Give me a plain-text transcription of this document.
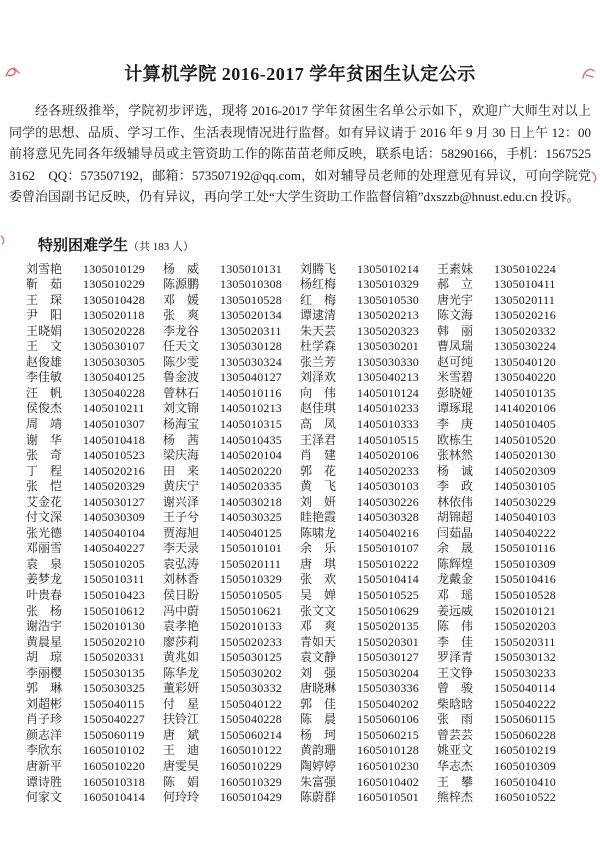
计算机学院 2016-2017 学年贫困生认定公示

经各班级推举，学院初步评选，现将 2016-2017 学年贫困生名单公示如下，欢迎广大师生对以上同学的思想、品质、学习工作、生活表现情况进行监督。如有异议请于 2016 年 9 月 30 日上午 12：00 前将意见先同各年级辅导员或主管资助工作的陈苗苗老师反映，联系电话：58290166，手机：15675253162　QQ：573507192，邮箱：573507192@qq.com，如对辅导员老师的处理意见有异议，可向学院党委曾治国副书记反映，仍有异议，再向学工处“大学生资助工作监督信箱”dxszzb@hnust.edu.cn 投诉。

特别困难学生（共 183 人）
刘雪艳	1305010129	杨　威	1305010131	刘腾飞	1305010214	王素妹	1305010224
靳　茹	1305010229	陈源鹏	1305010308	杨红梅	1305010329	郝　立	1305010411
王　琛	1305010428	邓　媛	1305010528	红　梅	1305010530	唐光宇	1305020111
尹　阳	1305020118	张　爽	1305020134	谭逮清	1305020213	陈文海	1305020216
王晓娟	1305020228	李龙谷	1305020311	朱天芸	1305020323	韩　丽	1305020332
王　文	1305030107	任天文	1305030128	杜学森	1305030201	曹凤瑞	1305030224
赵俊雄	1305030305	陈少雯	1305030324	张兰芳	1305030330	赵可纯	1305040120
李佳敏	1305040125	鲁金波	1305040127	刘泽欢	1305040213	米雪碧	1305040220
汪　帆	1305040228	曾林石	1405010116	向　伟	1405010124	彭晓娅	1405010135
侯俊杰	1405010211	刘文锦	1405010213	赵佳琪	1405010233	谭琢琨	1414020106
周　靖	1405010307	杨海宝	1405010315	高　凤	1405010333	李　庚	1405010405
谢　华	1405010418	杨　茜	1405010435	王泽君	1405010515	欧栋生	1405010520
张　奇	1405010523	梁庆海	1405020104	肖　建	1405020106	张林然	1405020130
丁　程	1405020216	田　来	1405020220	郭　花	1405020233	杨　诚	1405020309
张　恺	1405020329	黄庆宁	1405020335	黄　飞	1405030103	李　政	1405030105
艾金花	1405030127	谢兴泽	1405030218	刘　妍	1405030226	林依伟	1405030229
付文深	1405030309	王子兮	1405030325	眭艳霞	1405030328	胡锦超	1405040103
张光德	1405040104	贾海旭	1405040125	陈啸龙	1405040216	闫茹晶	1405040222
邓丽雪	1405040227	李天录	1505010101	余　乐	1505010107	余　晟	1505010116
袁　泉	1505010205	袁弘涛	1505020111	唐　琪	1505010222	陈辉煌	1505010309
姜梦龙	1505010311	刘林香	1505010329	张　欢	1505010414	龙戴金	1505010416
叶贵春	1505010423	侯日盼	1505010505	吴　婵	1505010525	邓　瑶	1505010528
张　杨	1505010612	冯中蔚	1505010621	张文文	1505010629	姜远威	1502010121
谢浩宇	1502010130	袁孝艳	1502010133	邓　爽	1505020135	陈　伟	1505020203
黄晨星	1505020210	廖莎莉	1505020233	青如天	1505020301	李　佳	1505020311
胡　琼	1505020331	黄兆如	1505030125	袁文静	1505030127	罗泽青	1505030132
李丽樱	1505030135	陈华龙	1505030202	刘　强	1505030204	王文铮	1505030233
郭　琳	1505030325	董彩妍	1505030332	唐晓琳	1505030336	曾　骏	1505040114
刘超彬	1505040115	付　星	1505040122	郭　佳	1505040202	柴晗晗	1505040222
肖子珍	1505040227	扶铃江	1505040228	陈　晨	1505060106	张　雨	1505060115
颜志洋	1505060119	唐　斌	1505060214	杨　珂	1505060215	曾芸芸	1505060228
李欣东	1605010102	王　迪	1605010122	黄韵珊	1605010128	姚亚文	1605010219
唐新平	1605010220	唐雯昊	1605010229	陶婷婷	1605010230	华志杰	1605010309
谭诗胜	1605010318	陈　娟	1605010329	朱富强	1605010402	王　攀	1605010410
何家文	1605010414	何玲玲	1605010429	陈蔚群	1605010501	熊梓杰	1605010522
